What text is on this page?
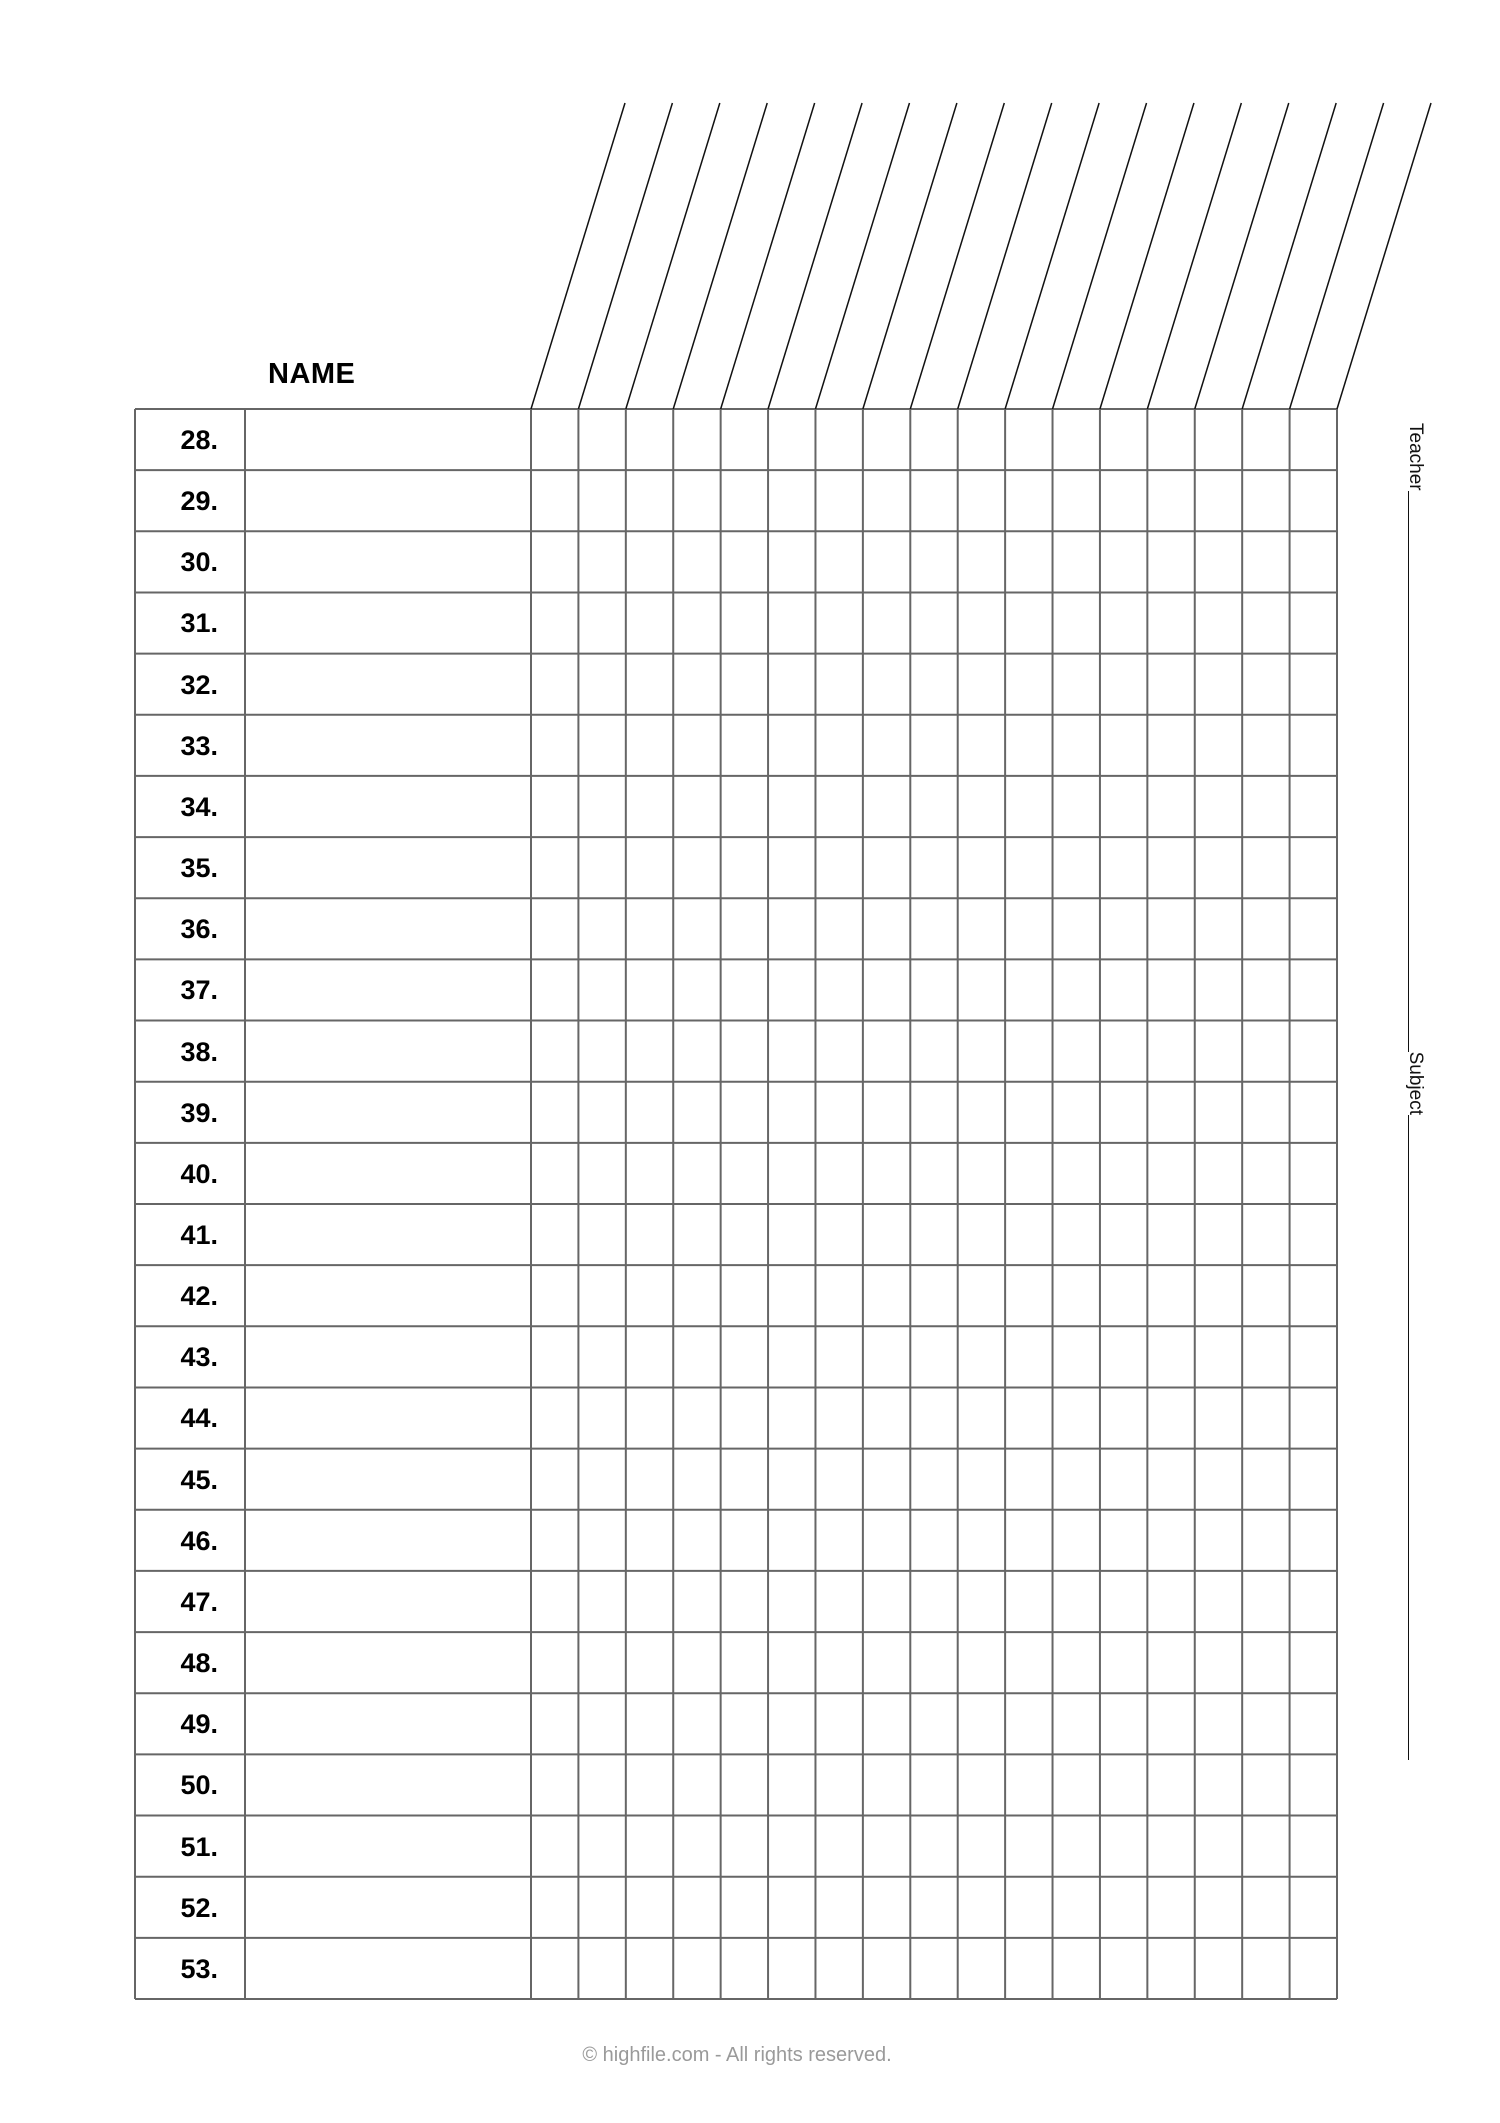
NAME
28.
29.
30.
31.
32.
33.
34.
35.
36.
37.
38.
39.
40.
41.
42.
43.
44.
45.
46.
47.
48.
49.
50.
51.
52.
53.
Teacher
Subject
© highfile.com - All rights reserved.
